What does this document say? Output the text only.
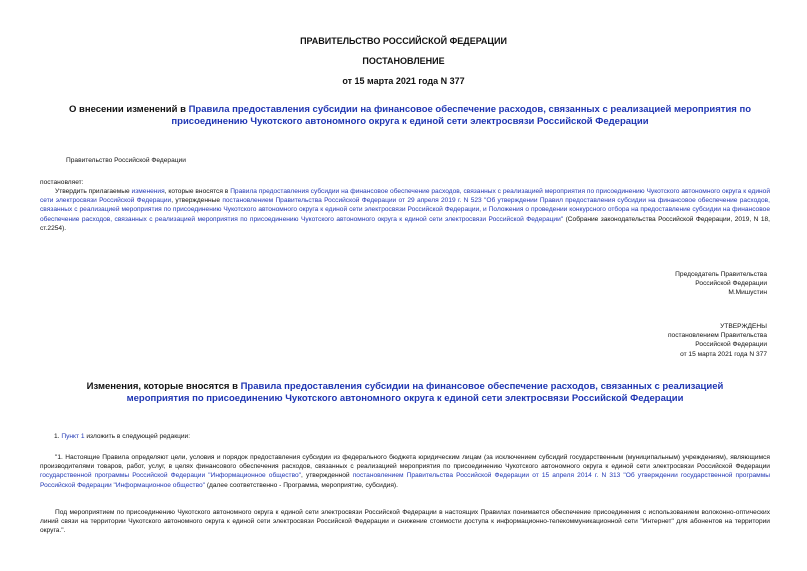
ПРАВИТЕЛЬСТВО РОССИЙСКОЙ ФЕДЕРАЦИИ
ПОСТАНОВЛЕНИЕ
от 15 марта 2021 года N 377
О внесении изменений в Правила предоставления субсидии на финансовое обеспечение расходов, связанных с реализацией мероприятия по присоединению Чукотского автономного округа к единой сети электросвязи Российской Федерации
Правительство Российской Федерации
постановляет:
Утвердить прилагаемые изменения, которые вносятся в Правила предоставления субсидии на финансовое обеспечение расходов, связанных с реализацией мероприятия по присоединению Чукотского автономного округа к единой сети электросвязи Российской Федерации, утвержденные постановлением Правительства Российской Федерации от 29 апреля 2019 г. N 523 "Об утверждении Правил предоставления субсидии на финансовое обеспечение расходов, связанных с реализацией мероприятия по присоединению Чукотского автономного округа к единой сети электросвязи Российской Федерации, и Положения о проведении конкурсного отбора на предоставление субсидии на финансовое обеспечение расходов, связанных с реализацией мероприятия по присоединению Чукотского автономного округа к единой сети электросвязи Российской Федерации" (Собрание законодательства Российской Федерации, 2019, N 18, ст.2254).
Председатель Правительства
Российской Федерации
М.Мишустин
УТВЕРЖДЕНЫ
постановлением Правительства
Российской Федерации
от 15 марта 2021 года N 377
Изменения, которые вносятся в Правила предоставления субсидии на финансовое обеспечение расходов, связанных с реализацией мероприятия по присоединению Чукотского автономного округа к единой сети электросвязи Российской Федерации
1. Пункт 1 изложить в следующей редакции:
"1. Настоящие Правила определяют цели, условия и порядок предоставления субсидии из федерального бюджета юридическим лицам (за исключением субсидий государственным (муниципальным) учреждениям), являющимся производителями товаров, работ, услуг, в целях финансового обеспечения расходов, связанных с реализацией мероприятия по присоединению Чукотского автономного округа к единой сети электросвязи Российской Федерации государственной программы Российской Федерации "Информационное общество", утвержденной постановлением Правительства Российской Федерации от 15 апреля 2014 г. N 313 "Об утверждении государственной программы Российской Федерации "Информационное общество" (далее соответственно - Программа, мероприятие, субсидия).
Под мероприятием по присоединению Чукотского автономного округа к единой сети электросвязи Российской Федерации в настоящих Правилах понимается обеспечение присоединения с использованием волоконно-оптических линий связи на территории Чукотского автономного округа к единой сети электросвязи Российской Федерации и снижение стоимости доступа к информационно-телекоммуникационной сети "Интернет" для абонентов на территории округа.".
